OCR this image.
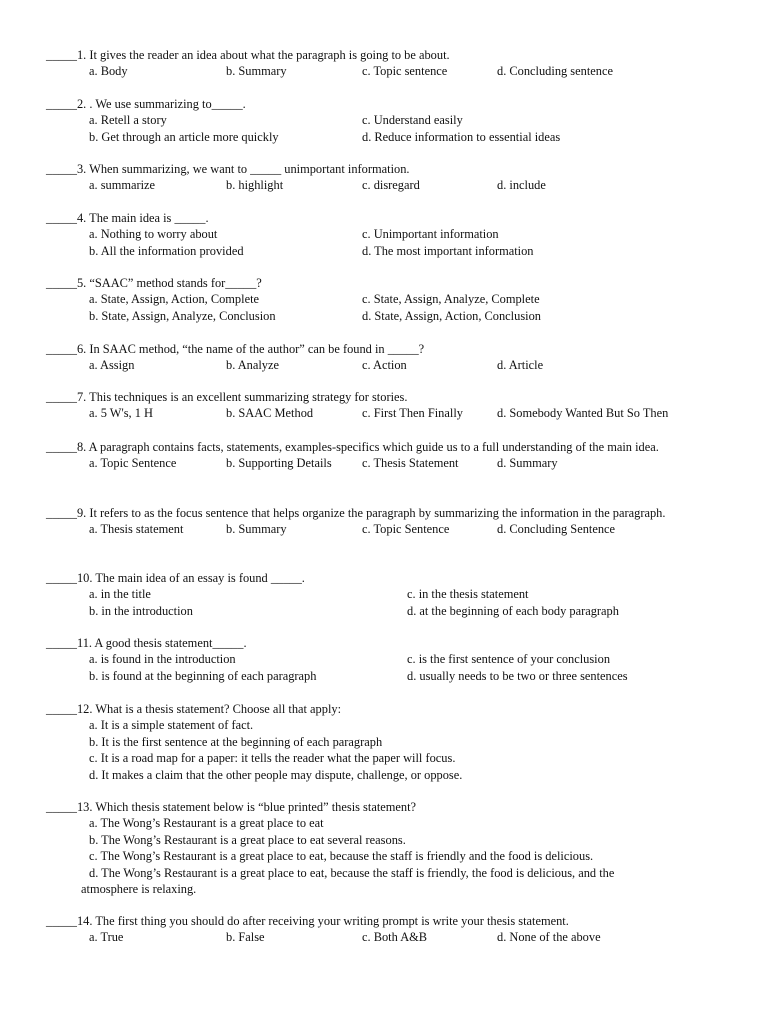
_____1. It gives the reader an idea about what the paragraph is going to be about.
a. Body	b. Summary	c. Topic sentence	d. Concluding sentence
_____2. . We use summarizing to_____.
a. Retell a story	c. Understand easily
b. Get through an article more quickly	d. Reduce information to essential ideas
_____3. When summarizing, we want to _____ unimportant information.
a. summarize	b. highlight	c. disregard	d. include
_____4. The main idea is _____.
a. Nothing to worry about	c. Unimportant information
b. All the information provided	d. The most important information
_____5. “SAAC” method stands for_____?
a. State, Assign, Action, Complete	c. State, Assign, Analyze, Complete
b. State, Assign, Analyze, Conclusion	d. State, Assign, Action, Conclusion
_____6. In SAAC method, “the name of the author” can be found in _____?
a. Assign	b. Analyze	c. Action	d. Article
_____7. This techniques is an excellent summarizing strategy for stories.
a. 5 W's, 1 H	b. SAAC Method	c. First Then Finally	d. Somebody Wanted But So Then
_____8. A paragraph contains facts, statements, examples-specifics which guide us to a full understanding of the main idea.
a. Topic Sentence	b. Supporting Details c. Thesis Statement	d. Summary
_____9. It refers to as the focus sentence that helps organize the paragraph by summarizing the information in the paragraph.
a. Thesis statement	b. Summary	c. Topic Sentence	d. Concluding Sentence
_____10. The main idea of an essay is found _____.
a. in the title	c. in the thesis statement
b. in the introduction	d. at the beginning of each body paragraph
_____11. A good thesis statement_____.
a. is found in the introduction	c. is the first sentence of your conclusion
b. is found at the beginning of each paragraph	d. usually needs to be two or three sentences
_____12. What is a thesis statement? Choose all that apply:
a. It is a simple statement of fact.
b. It is the first sentence at the beginning of each paragraph
c. It is a road map for a paper: it tells the reader what the paper will focus.
d. It makes a claim that the other people may dispute, challenge, or oppose.
_____13. Which thesis statement below is “blue printed” thesis statement?
a. The Wong’s Restaurant is a great place to eat
b. The Wong’s Restaurant is a great place to eat several reasons.
c. The Wong’s Restaurant is a great place to eat, because the staff is friendly and the food is delicious.
d. The Wong’s Restaurant is a great place to eat, because the staff is friendly, the food is delicious, and the
atmosphere is relaxing.
_____14. The first thing you should do after receiving your writing prompt is write your thesis statement.
a. True	b. False	c. Both A&B	d. None of the above
